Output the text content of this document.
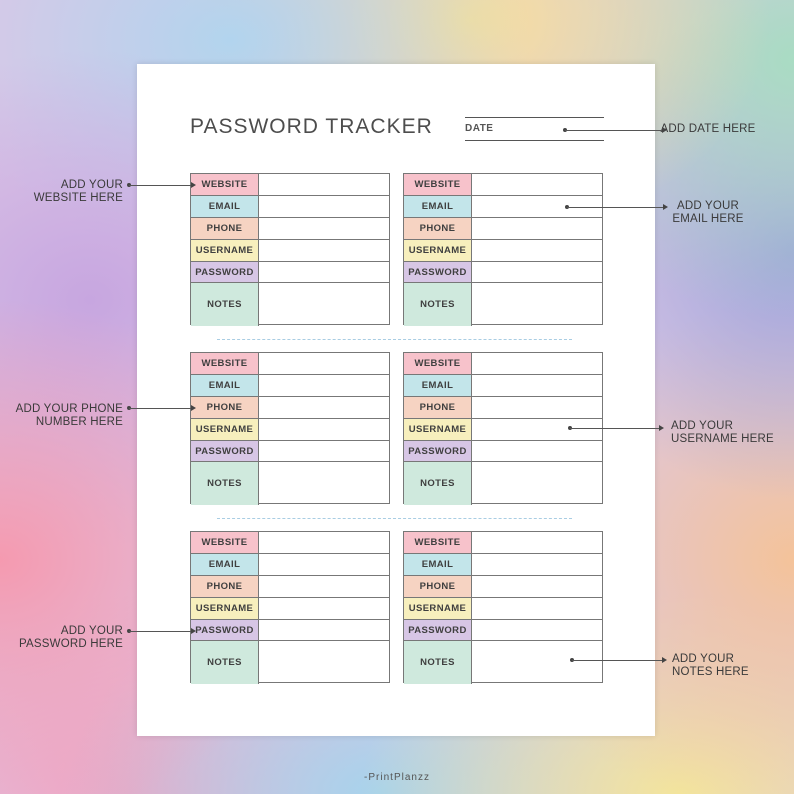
PASSWORD TRACKER	DATE
WEBSITE
EMAIL
PHONE
USERNAME
PASSWORD
NOTES
WEBSITE
EMAIL
PHONE
USERNAME
PASSWORD
NOTES
WEBSITE
EMAIL
PHONE
USERNAME
PASSWORD
NOTES
WEBSITE
EMAIL
PHONE
USERNAME
PASSWORD
NOTES
WEBSITE
EMAIL
PHONE
USERNAME
PASSWORD
NOTES
WEBSITE
EMAIL
PHONE
USERNAME
PASSWORD
NOTES
ADD DATE HERE
ADD YOUR
WEBSITE HERE
ADD YOUR
EMAIL HERE
ADD YOUR PHONE
NUMBER HERE	ADD YOUR
USERNAME HERE
ADD YOUR
PASSWORD HERE
ADD YOUR
NOTES HERE
-PrintPlanzz
